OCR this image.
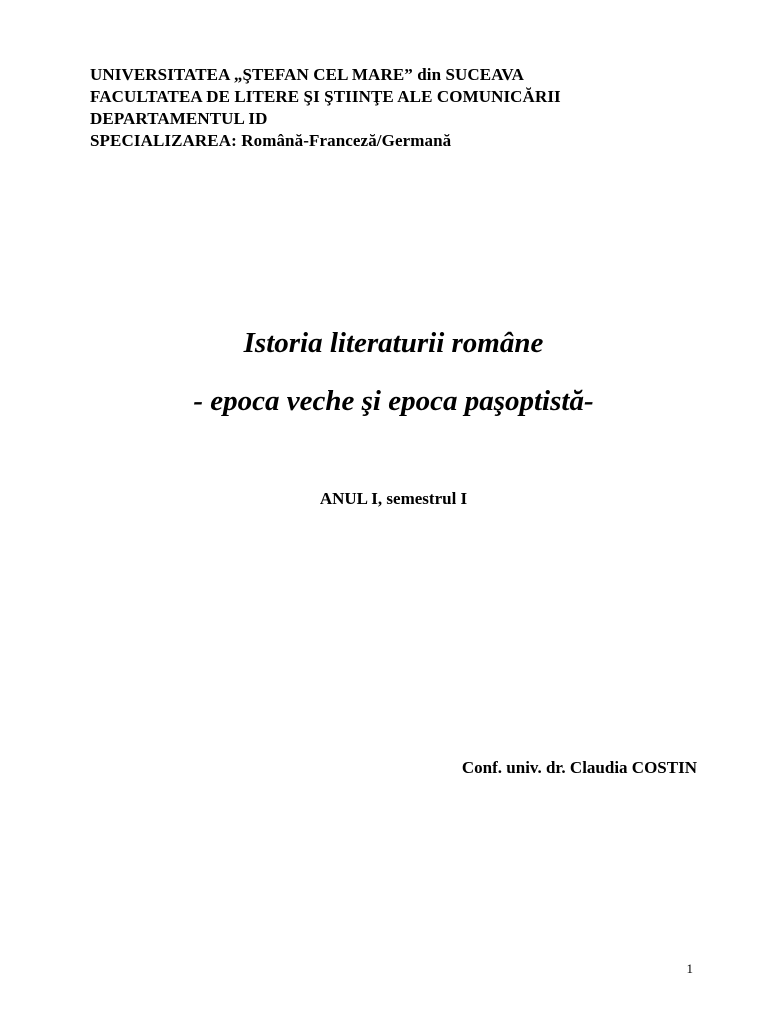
UNIVERSITATEA „ŞTEFAN CEL MARE” din SUCEAVA
FACULTATEA DE LITERE ŞI ŞTIINŢE ALE COMUNICĂRII
DEPARTAMENTUL ID
SPECIALIZAREA: Română-Franceză/Germană
Istoria literaturii române
- epoca veche şi epoca paşoptistă-
ANUL I, semestrul I
Conf. univ. dr. Claudia COSTIN
1
